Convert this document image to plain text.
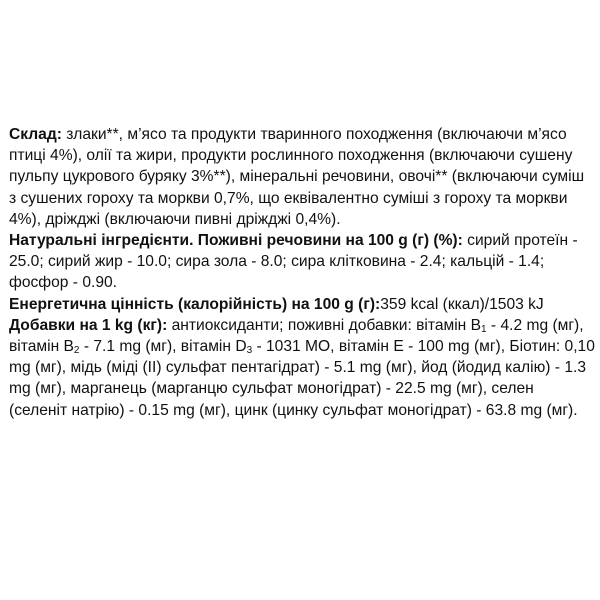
Склад: злаки**, м’ясо та продукти тваринного походження (включаючи м’ясо птиці 4%), олії та жири, продукти рослинного походження (включаючи сушену пульпу цукрового буряку 3%**), мінеральні речовини, овочі** (включаючи суміш з сушених гороху та моркви 0,7%, що еквівалентно суміші з гороху та моркви 4%), дріжджі (включаючи пивні дріжджі 0,4%).

Натуральні інгредієнти. Поживні речовини на 100 g (г) (%): сирий протеїн - 25.0; сирий жир - 10.0; сира зола - 8.0; сира клітковина - 2.4; кальцій - 1.4; фосфор - 0.90.

Енергетична цінність (калорійність) на 100 g (г):359 kcal (ккал)/1503 kJ

Добавки на 1 kg (кг): антиоксиданти; поживні добавки: вітамін $B_1 - 4.2$ mg (мг), вітамін $B_2 - 7.1$ mg (мг), вітамін $D_3 - 1031$ МО, вітамін E - 100 mg (мг), Біотин: 0,10 mg (мг), мідь (міді (II) сульфат пентагідрат) - 5.1 mg (мг), йод (йодид калію) - 1.3 mg (мг), марганець (марганцю сульфат моногідрат) - 22.5 mg (мг), селен (селеніт натрію) - 0.15 mg (мг), цинк (цинку сульфат моногідрат) - 63.8 mg (мг).
